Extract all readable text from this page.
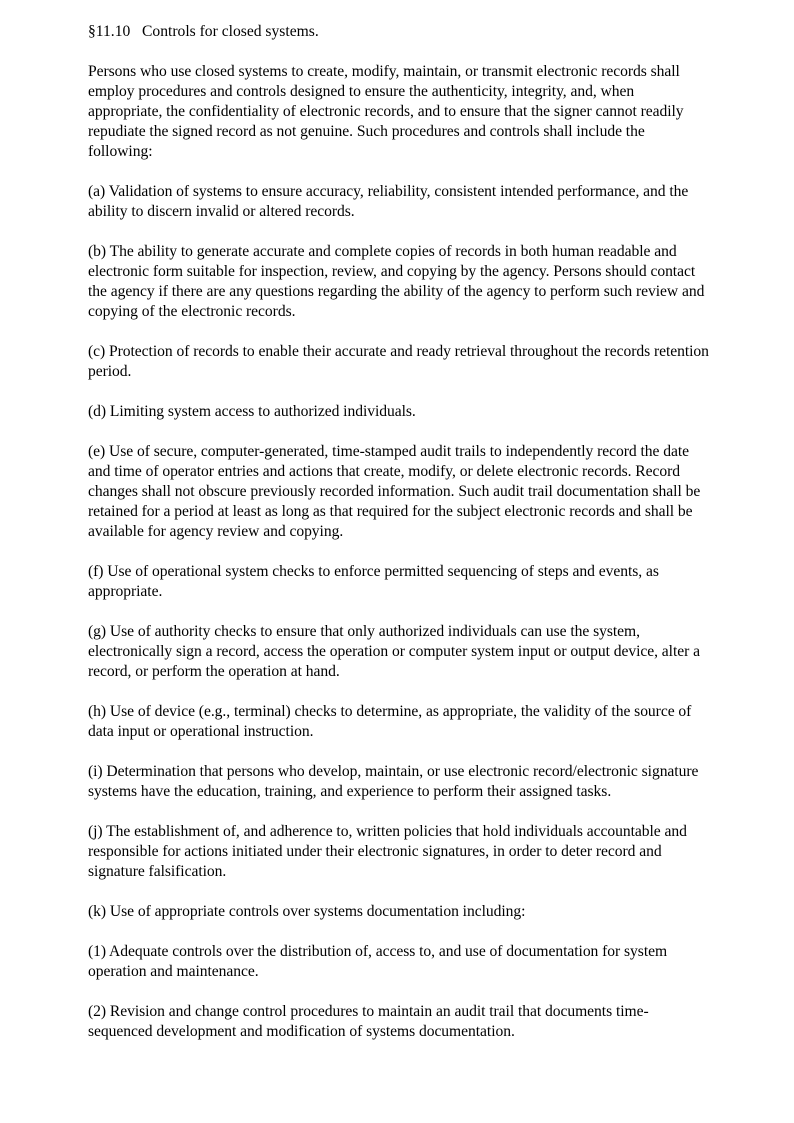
§11.10   Controls for closed systems.

Persons who use closed systems to create, modify, maintain, or transmit electronic records shall employ procedures and controls designed to ensure the authenticity, integrity, and, when appropriate, the confidentiality of electronic records, and to ensure that the signer cannot readily repudiate the signed record as not genuine. Such procedures and controls shall include the following:

(a) Validation of systems to ensure accuracy, reliability, consistent intended performance, and the ability to discern invalid or altered records.

(b) The ability to generate accurate and complete copies of records in both human readable and electronic form suitable for inspection, review, and copying by the agency. Persons should contact the agency if there are any questions regarding the ability of the agency to perform such review and copying of the electronic records.

(c) Protection of records to enable their accurate and ready retrieval throughout the records retention period.

(d) Limiting system access to authorized individuals.

(e) Use of secure, computer-generated, time-stamped audit trails to independently record the date and time of operator entries and actions that create, modify, or delete electronic records. Record changes shall not obscure previously recorded information. Such audit trail documentation shall be retained for a period at least as long as that required for the subject electronic records and shall be available for agency review and copying.

(f) Use of operational system checks to enforce permitted sequencing of steps and events, as appropriate.

(g) Use of authority checks to ensure that only authorized individuals can use the system, electronically sign a record, access the operation or computer system input or output device, alter a record, or perform the operation at hand.

(h) Use of device (e.g., terminal) checks to determine, as appropriate, the validity of the source of data input or operational instruction.

(i) Determination that persons who develop, maintain, or use electronic record/electronic signature systems have the education, training, and experience to perform their assigned tasks.

(j) The establishment of, and adherence to, written policies that hold individuals accountable and responsible for actions initiated under their electronic signatures, in order to deter record and signature falsification.

(k) Use of appropriate controls over systems documentation including:

(1) Adequate controls over the distribution of, access to, and use of documentation for system operation and maintenance.

(2) Revision and change control procedures to maintain an audit trail that documents time-sequenced development and modification of systems documentation.
